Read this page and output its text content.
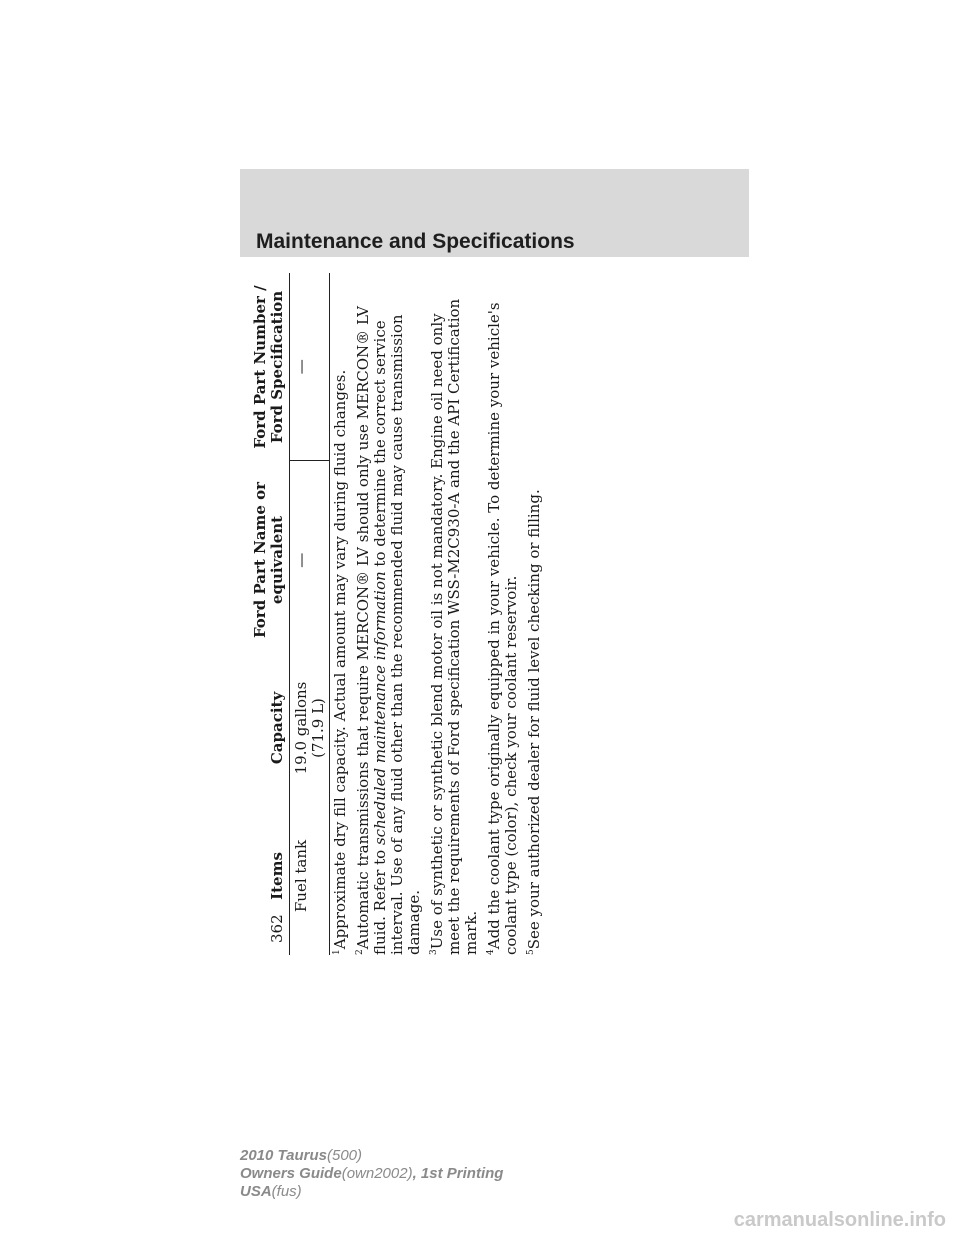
Maintenance and Specifications
362
Items	Capacity	Ford Part Name or equivalent	Ford Part Number / Ford Specification

Fuel tank	19.0 gallons (71.9 L)	—	—

$^1$Approximate dry fill capacity. Actual amount may vary during fluid changes.

$^2$Automatic transmissions that require MERCON® LV should only use MERCON® LV fluid. Refer to scheduled maintenance information to determine the correct service interval. Use of any fluid other than the recommended fluid may cause transmission damage. $^3$Use of synthetic or synthetic blend motor oil is not mandatory. Engine oil need only meet the requirements of Ford specification WSS-M2C930-A and the API Certification mark. $^4$Add the coolant type originally equipped in your vehicle. To determine your vehicle's coolant type (color), check your coolant reservoir. $^5$See your authorized dealer for fluid level checking or filling.

2010 Taurus(500)
Owners Guide(own2002), 1st Printing
USA(fus)
carmanualsonline.info
